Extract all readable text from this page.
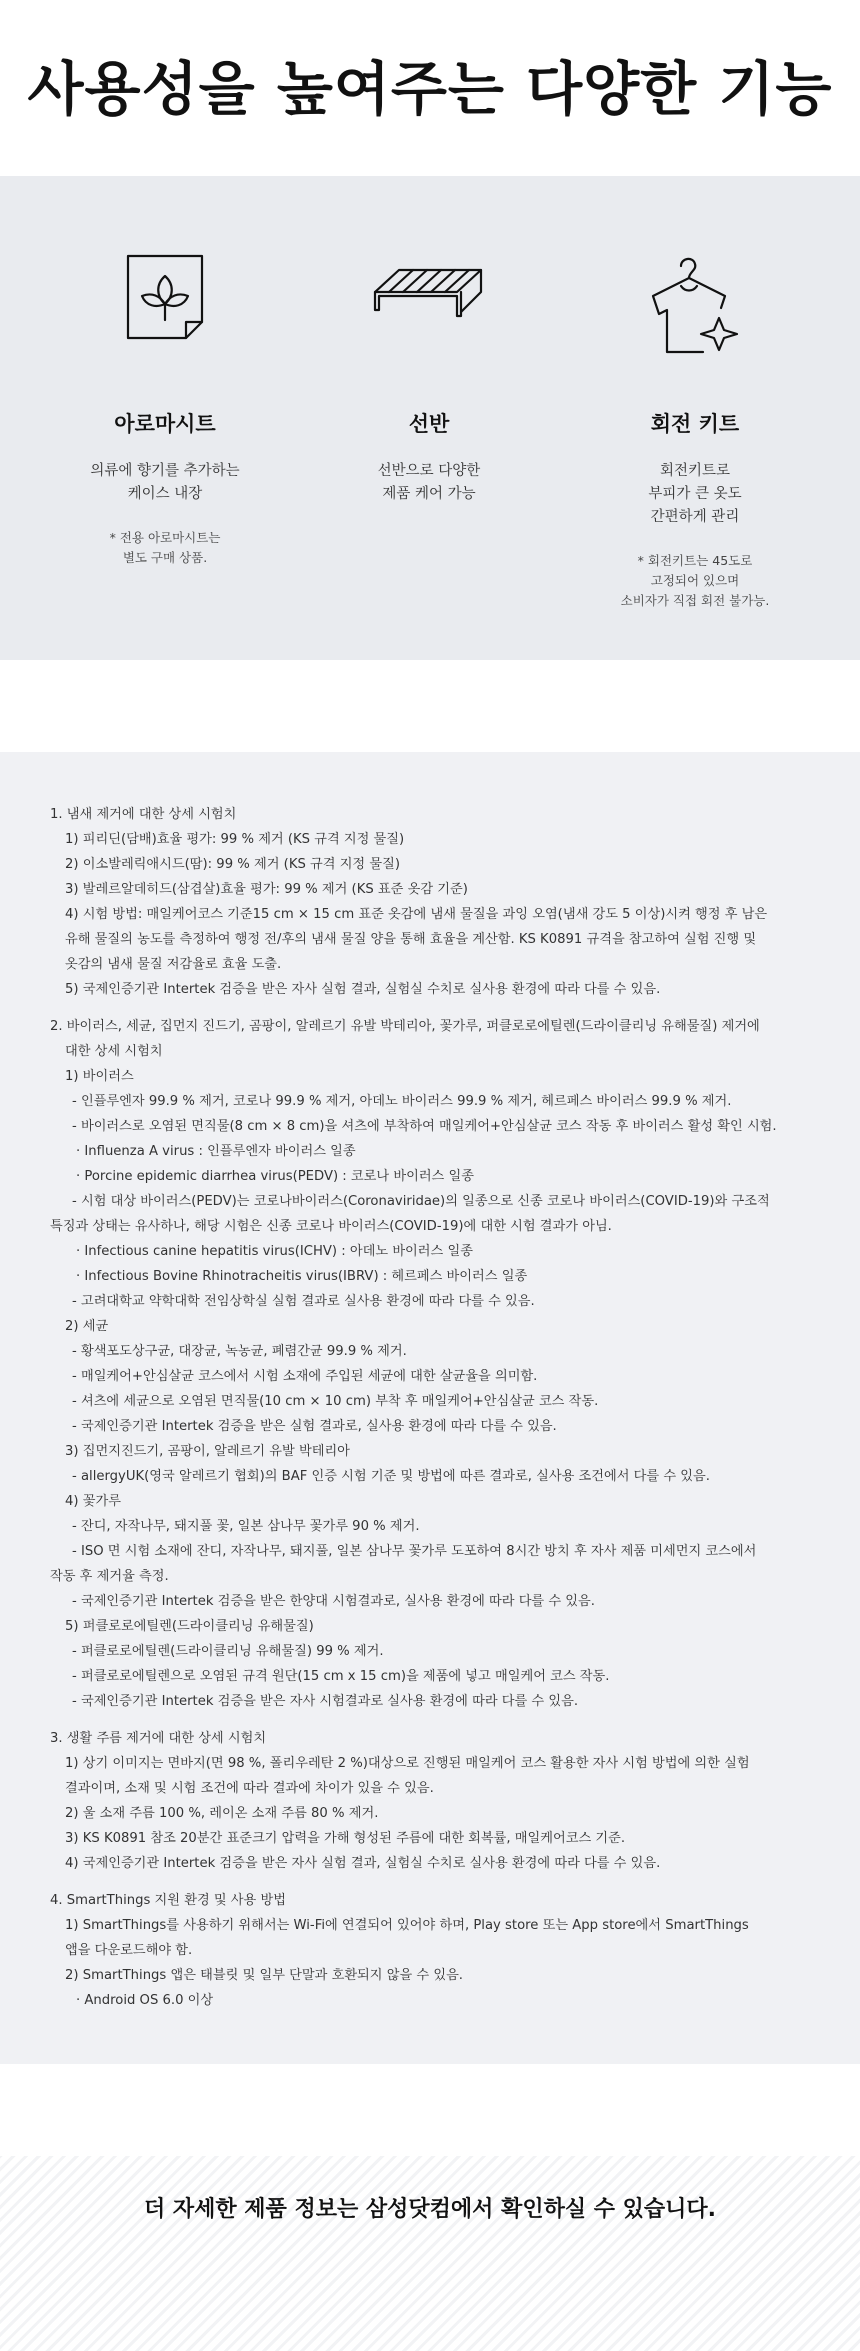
사용성을 높여주는 다양한 기능
아로마시트
의류에 향기를 추가하는
케이스 내장
* 전용 아로마시트는
별도 구매 상품.
선반
선반으로 다양한
제품 케어 가능
회전 키트
회전키트로
부피가 큰 옷도
간편하게 관리
* 회전키트는 45도로
고정되어 있으며
소비자가 직접 회전 불가능.
1. 냄새 제거에 대한 상세 시험치
1) 피리딘(담배)효율 평가: 99 % 제거 (KS 규격 지정 물질)
2) 이소발레릭애시드(땀): 99 % 제거 (KS 규격 지정 물질)
3) 발레르알데히드(삼겹살)효율 평가: 99 % 제거 (KS 표준 옷감 기준)
4) 시험 방법: 매일케어코스 기준15 cm × 15 cm 표준 옷감에 냄새 물질을 과잉 오염(냄새 강도 5 이상)시켜 행정 후 남은
유해 물질의 농도를 측정하여 행정 전/후의 냄새 물질 양을 통해 효율을 계산함. KS K0891 규격을 참고하여 실험 진행 및
옷감의 냄새 물질 저감율로 효율 도출.
5) 국제인증기관 Intertek 검증을 받은 자사 실험 결과, 실험실 수치로 실사용 환경에 따라 다를 수 있음.
2. 바이러스, 세균, 집먼지 진드기, 곰팡이, 알레르기 유발 박테리아, 꽃가루, 퍼클로로에틸렌(드라이클리닝 유해물질) 제거에
대한 상세 시험치
1) 바이러스
- 인플루엔자 99.9 % 제거, 코로나 99.9 % 제거, 아데노 바이러스 99.9 % 제거, 헤르페스 바이러스 99.9 % 제거.
- 바이러스로 오염된 면직물(8 cm × 8 cm)을 셔츠에 부착하여 매일케어+안심살균 코스 작동 후 바이러스 활성 확인 시험.
· Influenza A virus : 인플루엔자 바이러스 일종
· Porcine epidemic diarrhea virus(PEDV) : 코로나 바이러스 일종
- 시험 대상 바이러스(PEDV)는 코로나바이러스(Coronaviridae)의 일종으로 신종 코로나 바이러스(COVID-19)와 구조적
특징과 상태는 유사하나, 해당 시험은 신종 코로나 바이러스(COVID-19)에 대한 시험 결과가 아님.
· Infectious canine hepatitis virus(ICHV) : 아데노 바이러스 일종
· Infectious Bovine Rhinotracheitis virus(IBRV) : 헤르페스 바이러스 일종
- 고려대학교 약학대학 전임상학실 실험 결과로 실사용 환경에 따라 다를 수 있음.
2) 세균
- 황색포도상구균, 대장균, 녹농균, 폐렴간균 99.9 % 제거.
- 매일케어+안심살균 코스에서 시험 소재에 주입된 세균에 대한 살균율을 의미함.
- 셔츠에 세균으로 오염된 면직물(10 cm × 10 cm) 부착 후 매일케어+안심살균 코스 작동.
- 국제인증기관 Intertek 검증을 받은 실험 결과로, 실사용 환경에 따라 다를 수 있음.
3) 집먼지진드기, 곰팡이, 알레르기 유발 박테리아
- allergyUK(영국 알레르기 협회)의 BAF 인증 시험 기준 및 방법에 따른 결과로, 실사용 조건에서 다를 수 있음.
4) 꽃가루
- 잔디, 자작나무, 돼지풀 꽃, 일본 삼나무 꽃가루 90 % 제거.
- ISO 면 시험 소재에 잔디, 자작나무, 돼지풀, 일본 삼나무 꽃가루 도포하여 8시간 방치 후 자사 제품 미세먼지 코스에서
작동 후 제거율 측정.
- 국제인증기관 Intertek 검증을 받은 한양대 시험결과로, 실사용 환경에 따라 다를 수 있음.
5) 퍼클로로에틸렌(드라이클리닝 유해물질)
- 퍼클로로에틸렌(드라이클리닝 유해물질) 99 % 제거.
- 퍼클로로에틸렌으로 오염된 규격 원단(15 cm x 15 cm)을 제품에 넣고 매일케어 코스 작동.
- 국제인증기관 Intertek 검증을 받은 자사 시험결과로 실사용 환경에 따라 다를 수 있음.
3. 생활 주름 제거에 대한 상세 시험치
1) 상기 이미지는 면바지(면 98 %, 폴리우레탄 2 %)대상으로 진행된 매일케어 코스 활용한 자사 시험 방법에 의한 실험
결과이며, 소재 및 시험 조건에 따라 결과에 차이가 있을 수 있음.
2) 울 소재 주름 100 %, 레이온 소재 주름 80 % 제거.
3) KS K0891 참조 20분간 표준크기 압력을 가해 형성된 주름에 대한 회복률, 매일케어코스 기준.
4) 국제인증기관 Intertek 검증을 받은 자사 실험 결과, 실험실 수치로 실사용 환경에 따라 다를 수 있음.
4. SmartThings 지원 환경 및 사용 방법
1) SmartThings를 사용하기 위해서는 Wi-Fi에 연결되어 있어야 하며, Play store 또는 App store에서 SmartThings
앱을 다운로드해야 함.
2) SmartThings 앱은 태블릿 및 일부 단말과 호환되지 않을 수 있음.
· Android OS 6.0 이상
더 자세한 제품 정보는 삼성닷컴에서 확인하실 수 있습니다.
